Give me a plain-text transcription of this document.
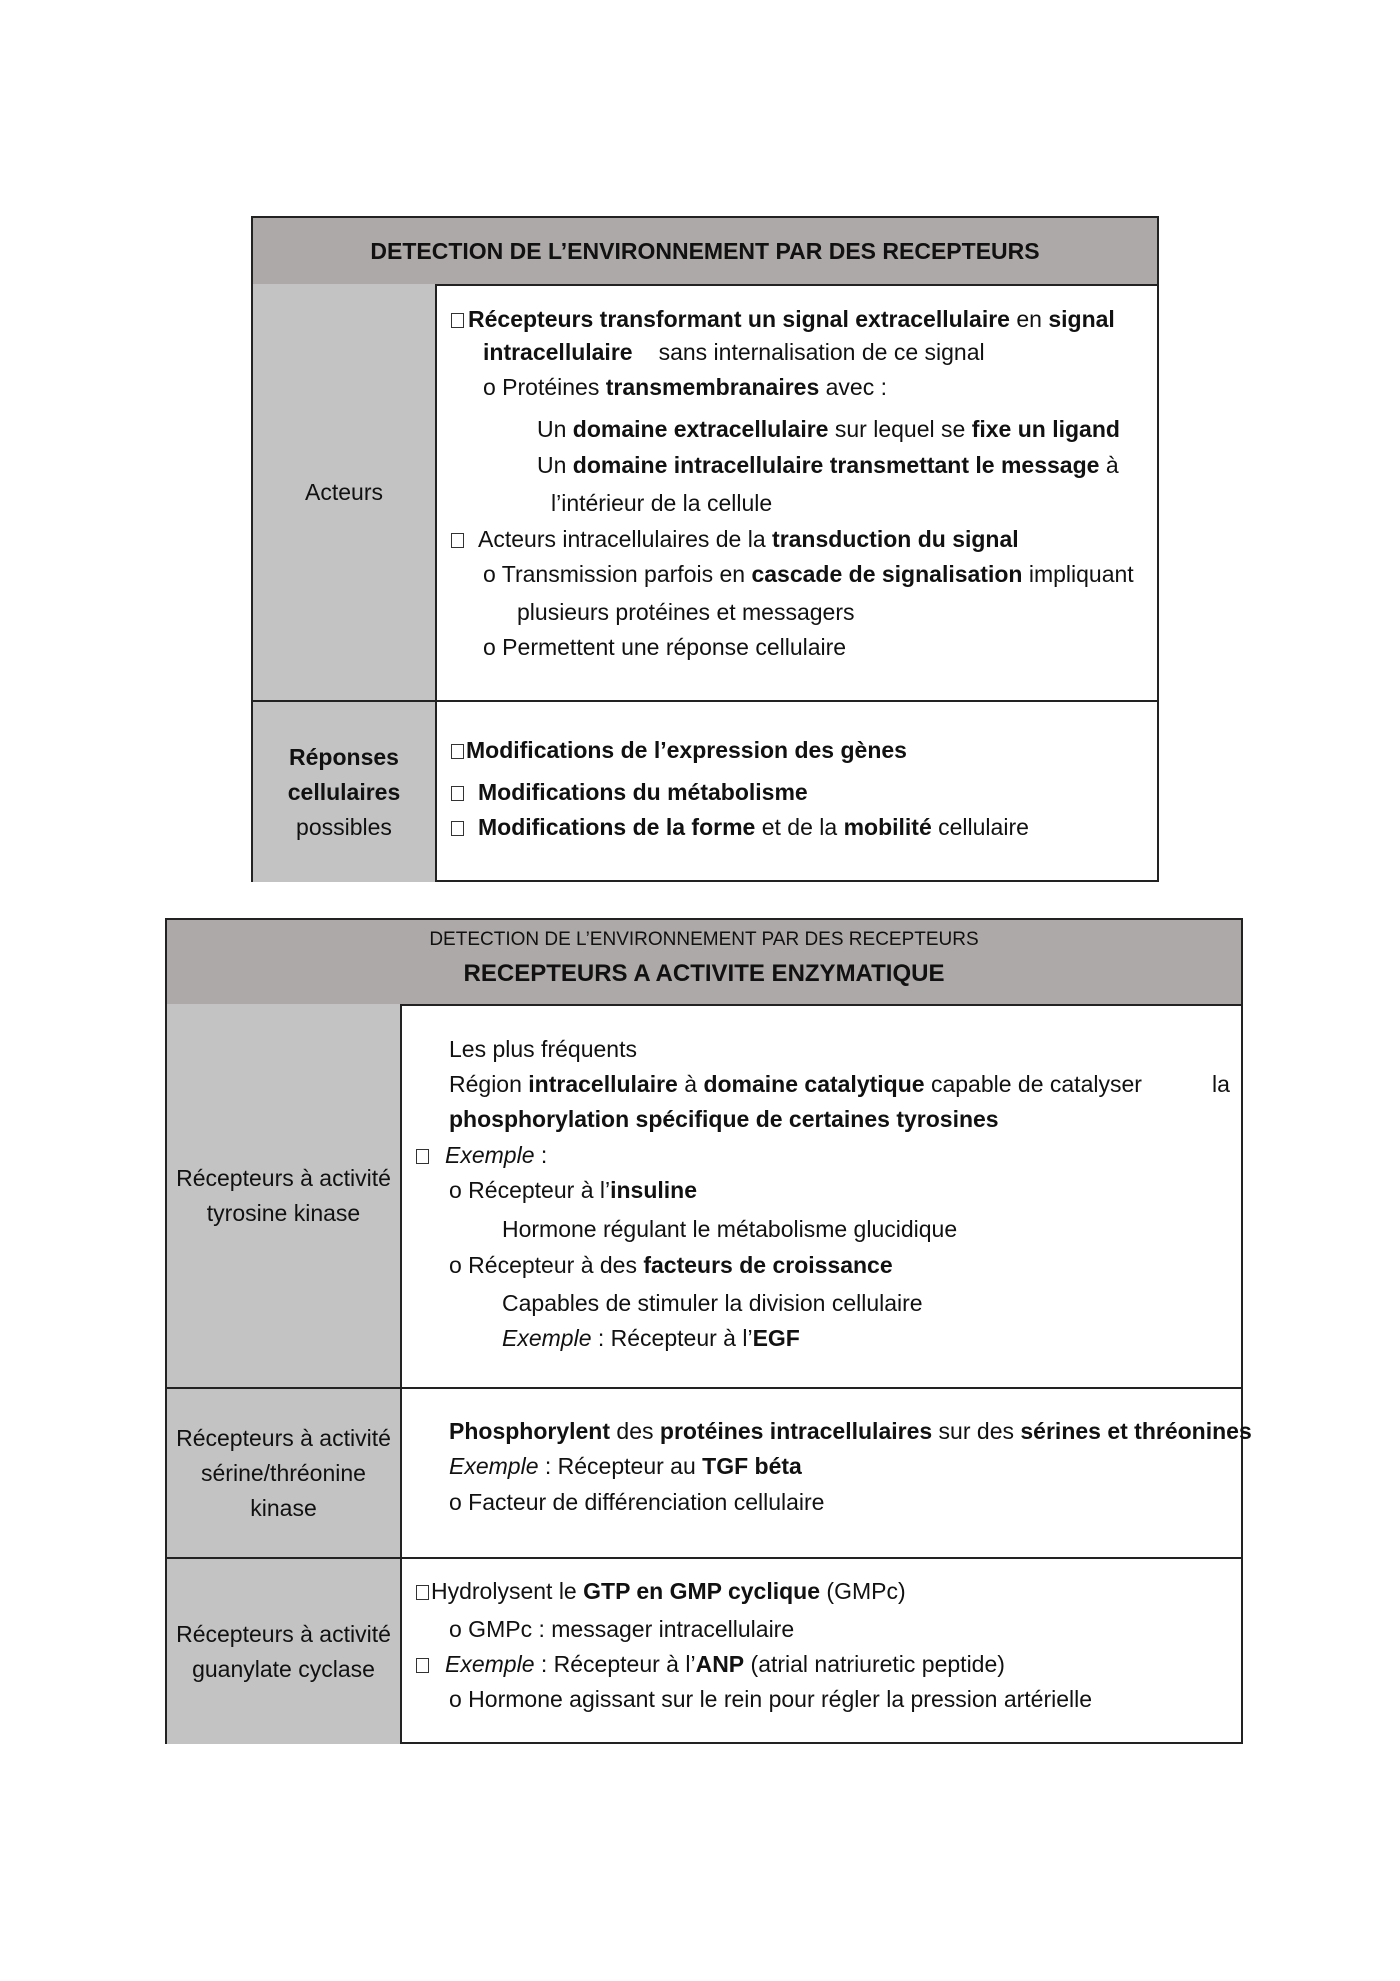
DETECTION DE L’ENVIRONNEMENT PAR DES RECEPTEURS
Acteurs
Récepteurs transformant un signal extracellulaire en signal
intracellulaire sans internalisation de ce signal
o Protéines transmembranaires avec :
Un domaine extracellulaire sur lequel se fixe un ligand
Un domaine intracellulaire transmettant le message à
l’intérieur de la cellule
Acteurs intracellulaires de la transduction du signal
o Transmission parfois en cascade de signalisation impliquant
plusieurs protéines et messagers
o Permettent une réponse cellulaire
Réponses
cellulaires
possibles
Modifications de l’expression des gènes
Modifications du métabolisme
Modifications de la forme et de la mobilité cellulaire
DETECTION DE L’ENVIRONNEMENT PAR DES RECEPTEURS
RECEPTEURS A ACTIVITE ENZYMATIQUE
Récepteurs à activité
tyrosine kinase
Les plus fréquents
Région intracellulaire à domaine catalytique capable de catalyser	la
phosphorylation spécifique de certaines tyrosines
Exemple :
o Récepteur à l’insuline
Hormone régulant le métabolisme glucidique
o Récepteur à des facteurs de croissance
Capables de stimuler la division cellulaire
Exemple : Récepteur à l’EGF
Récepteurs à activité
sérine/thréonine
kinase
Phosphorylent des protéines intracellulaires sur des sérines et thréonines
Exemple : Récepteur au TGF béta
o Facteur de différenciation cellulaire
Récepteurs à activité
guanylate cyclase
Hydrolysent le GTP en GMP cyclique (GMPc)
o GMPc : messager intracellulaire
Exemple : Récepteur à l’ANP (atrial natriuretic peptide)
o Hormone agissant sur le rein pour régler la pression artérielle
